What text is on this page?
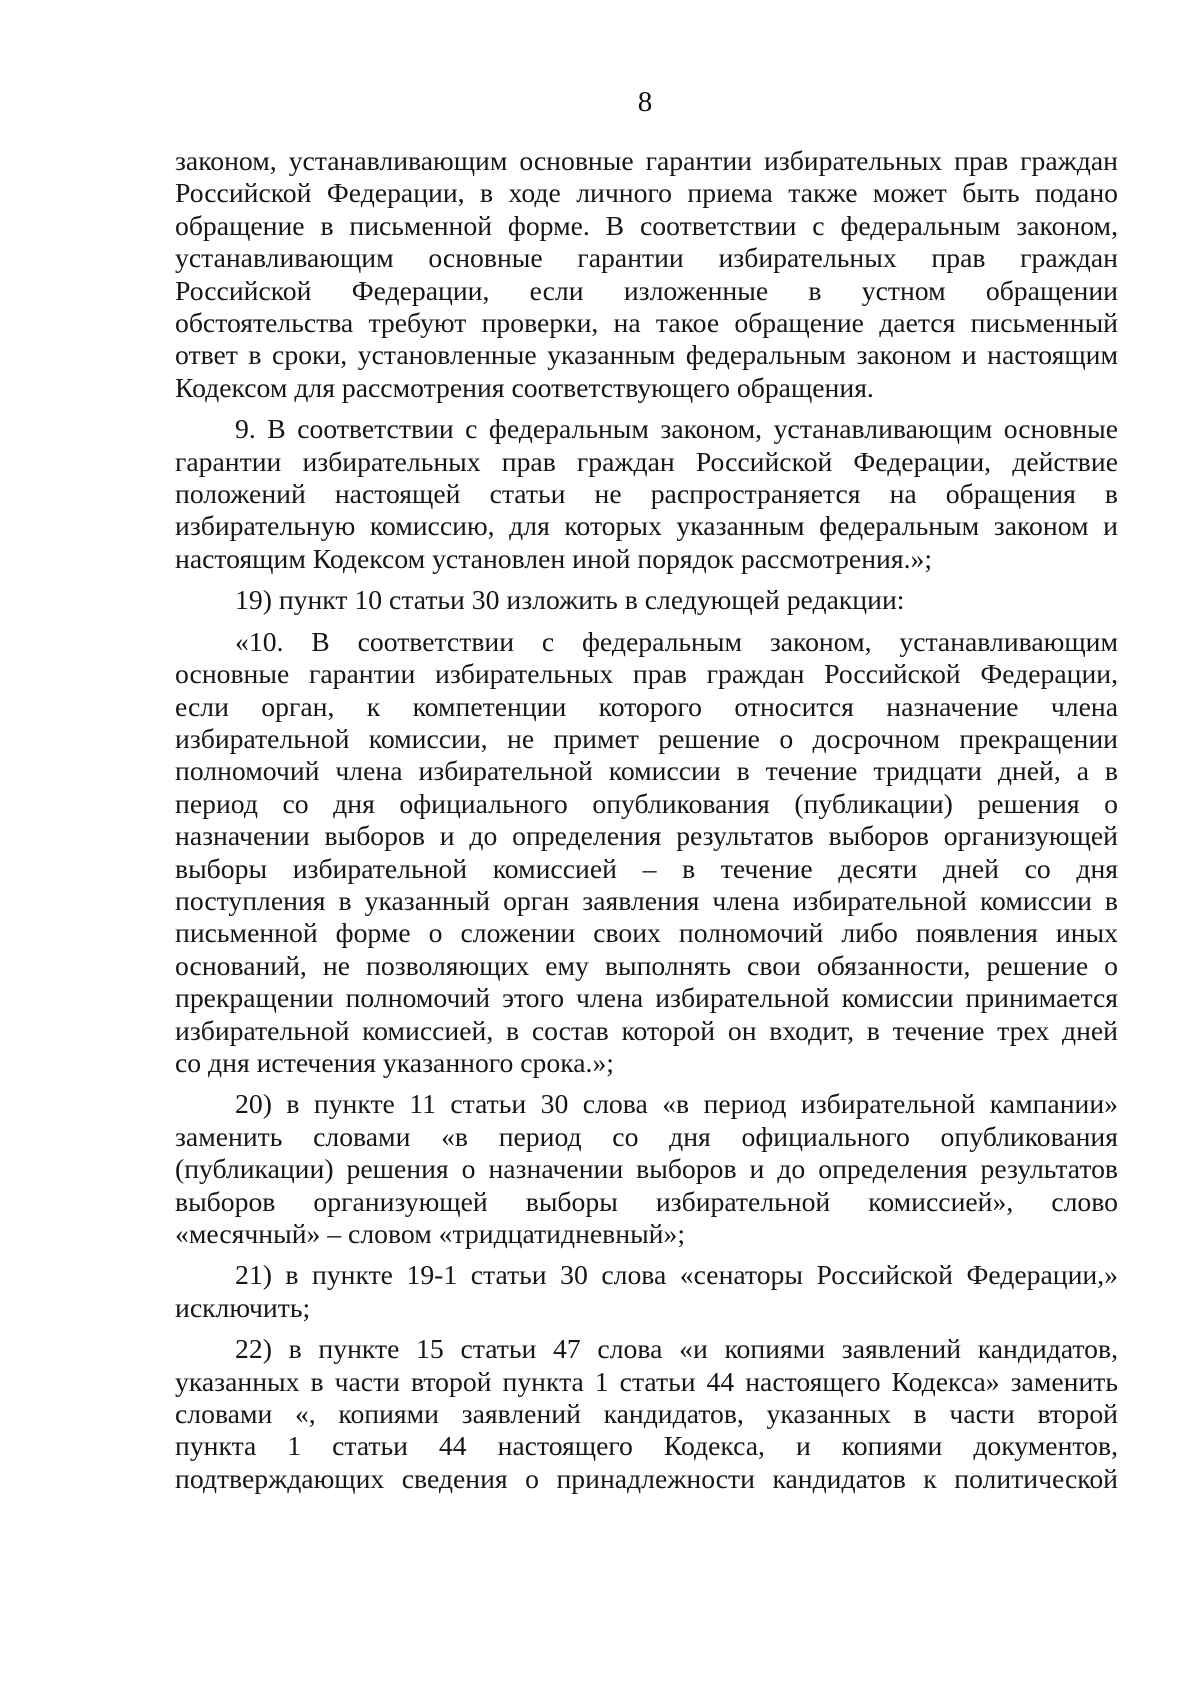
8
законом, устанавливающим основные гарантии избирательных прав граждан
Российской Федерации, в ходе личного приема также может быть подано
обращение в письменной форме. В соответствии с федеральным законом,
устанавливающим основные гарантии избирательных прав граждан
Российской Федерации, если изложенные в устном обращении
обстоятельства требуют проверки, на такое обращение дается письменный
ответ в сроки, установленные указанным федеральным законом и настоящим
Кодексом для рассмотрения соответствующего обращения.
9. В соответствии с федеральным законом, устанавливающим основные
гарантии избирательных прав граждан Российской Федерации, действие
положений настоящей статьи не распространяется на обращения в
избирательную комиссию, для которых указанным федеральным законом и
настоящим Кодексом установлен иной порядок рассмотрения.»;
19) пункт 10 статьи 30 изложить в следующей редакции:
«10. В соответствии с федеральным законом, устанавливающим
основные гарантии избирательных прав граждан Российской Федерации,
если орган, к компетенции которого относится назначение члена
избирательной комиссии, не примет решение о досрочном прекращении
полномочий члена избирательной комиссии в течение тридцати дней, а в
период со дня официального опубликования (публикации) решения о
назначении выборов и до определения результатов выборов организующей
выборы избирательной комиссией – в течение десяти дней со дня
поступления в указанный орган заявления члена избирательной комиссии в
письменной форме о сложении своих полномочий либо появления иных
оснований, не позволяющих ему выполнять свои обязанности, решение о
прекращении полномочий этого члена избирательной комиссии принимается
избирательной комиссией, в состав которой он входит, в течение трех дней
со дня истечения указанного срока.»;
20) в пункте 11 статьи 30 слова «в период избирательной кампании»
заменить словами «в период со дня официального опубликования
(публикации) решения о назначении выборов и до определения результатов
выборов организующей выборы избирательной комиссией», слово
«месячный» – словом «тридцатидневный»;
21) в пункте 19-1 статьи 30 слова «сенаторы Российской Федерации,»
исключить;
22) в пункте 15 статьи 47 слова «и копиями заявлений кандидатов,
указанных в части второй пункта 1 статьи 44 настоящего Кодекса» заменить
словами «, копиями заявлений кандидатов, указанных в части второй
пункта 1 статьи 44 настоящего Кодекса, и копиями документов,
подтверждающих сведения о принадлежности кандидатов к политической
